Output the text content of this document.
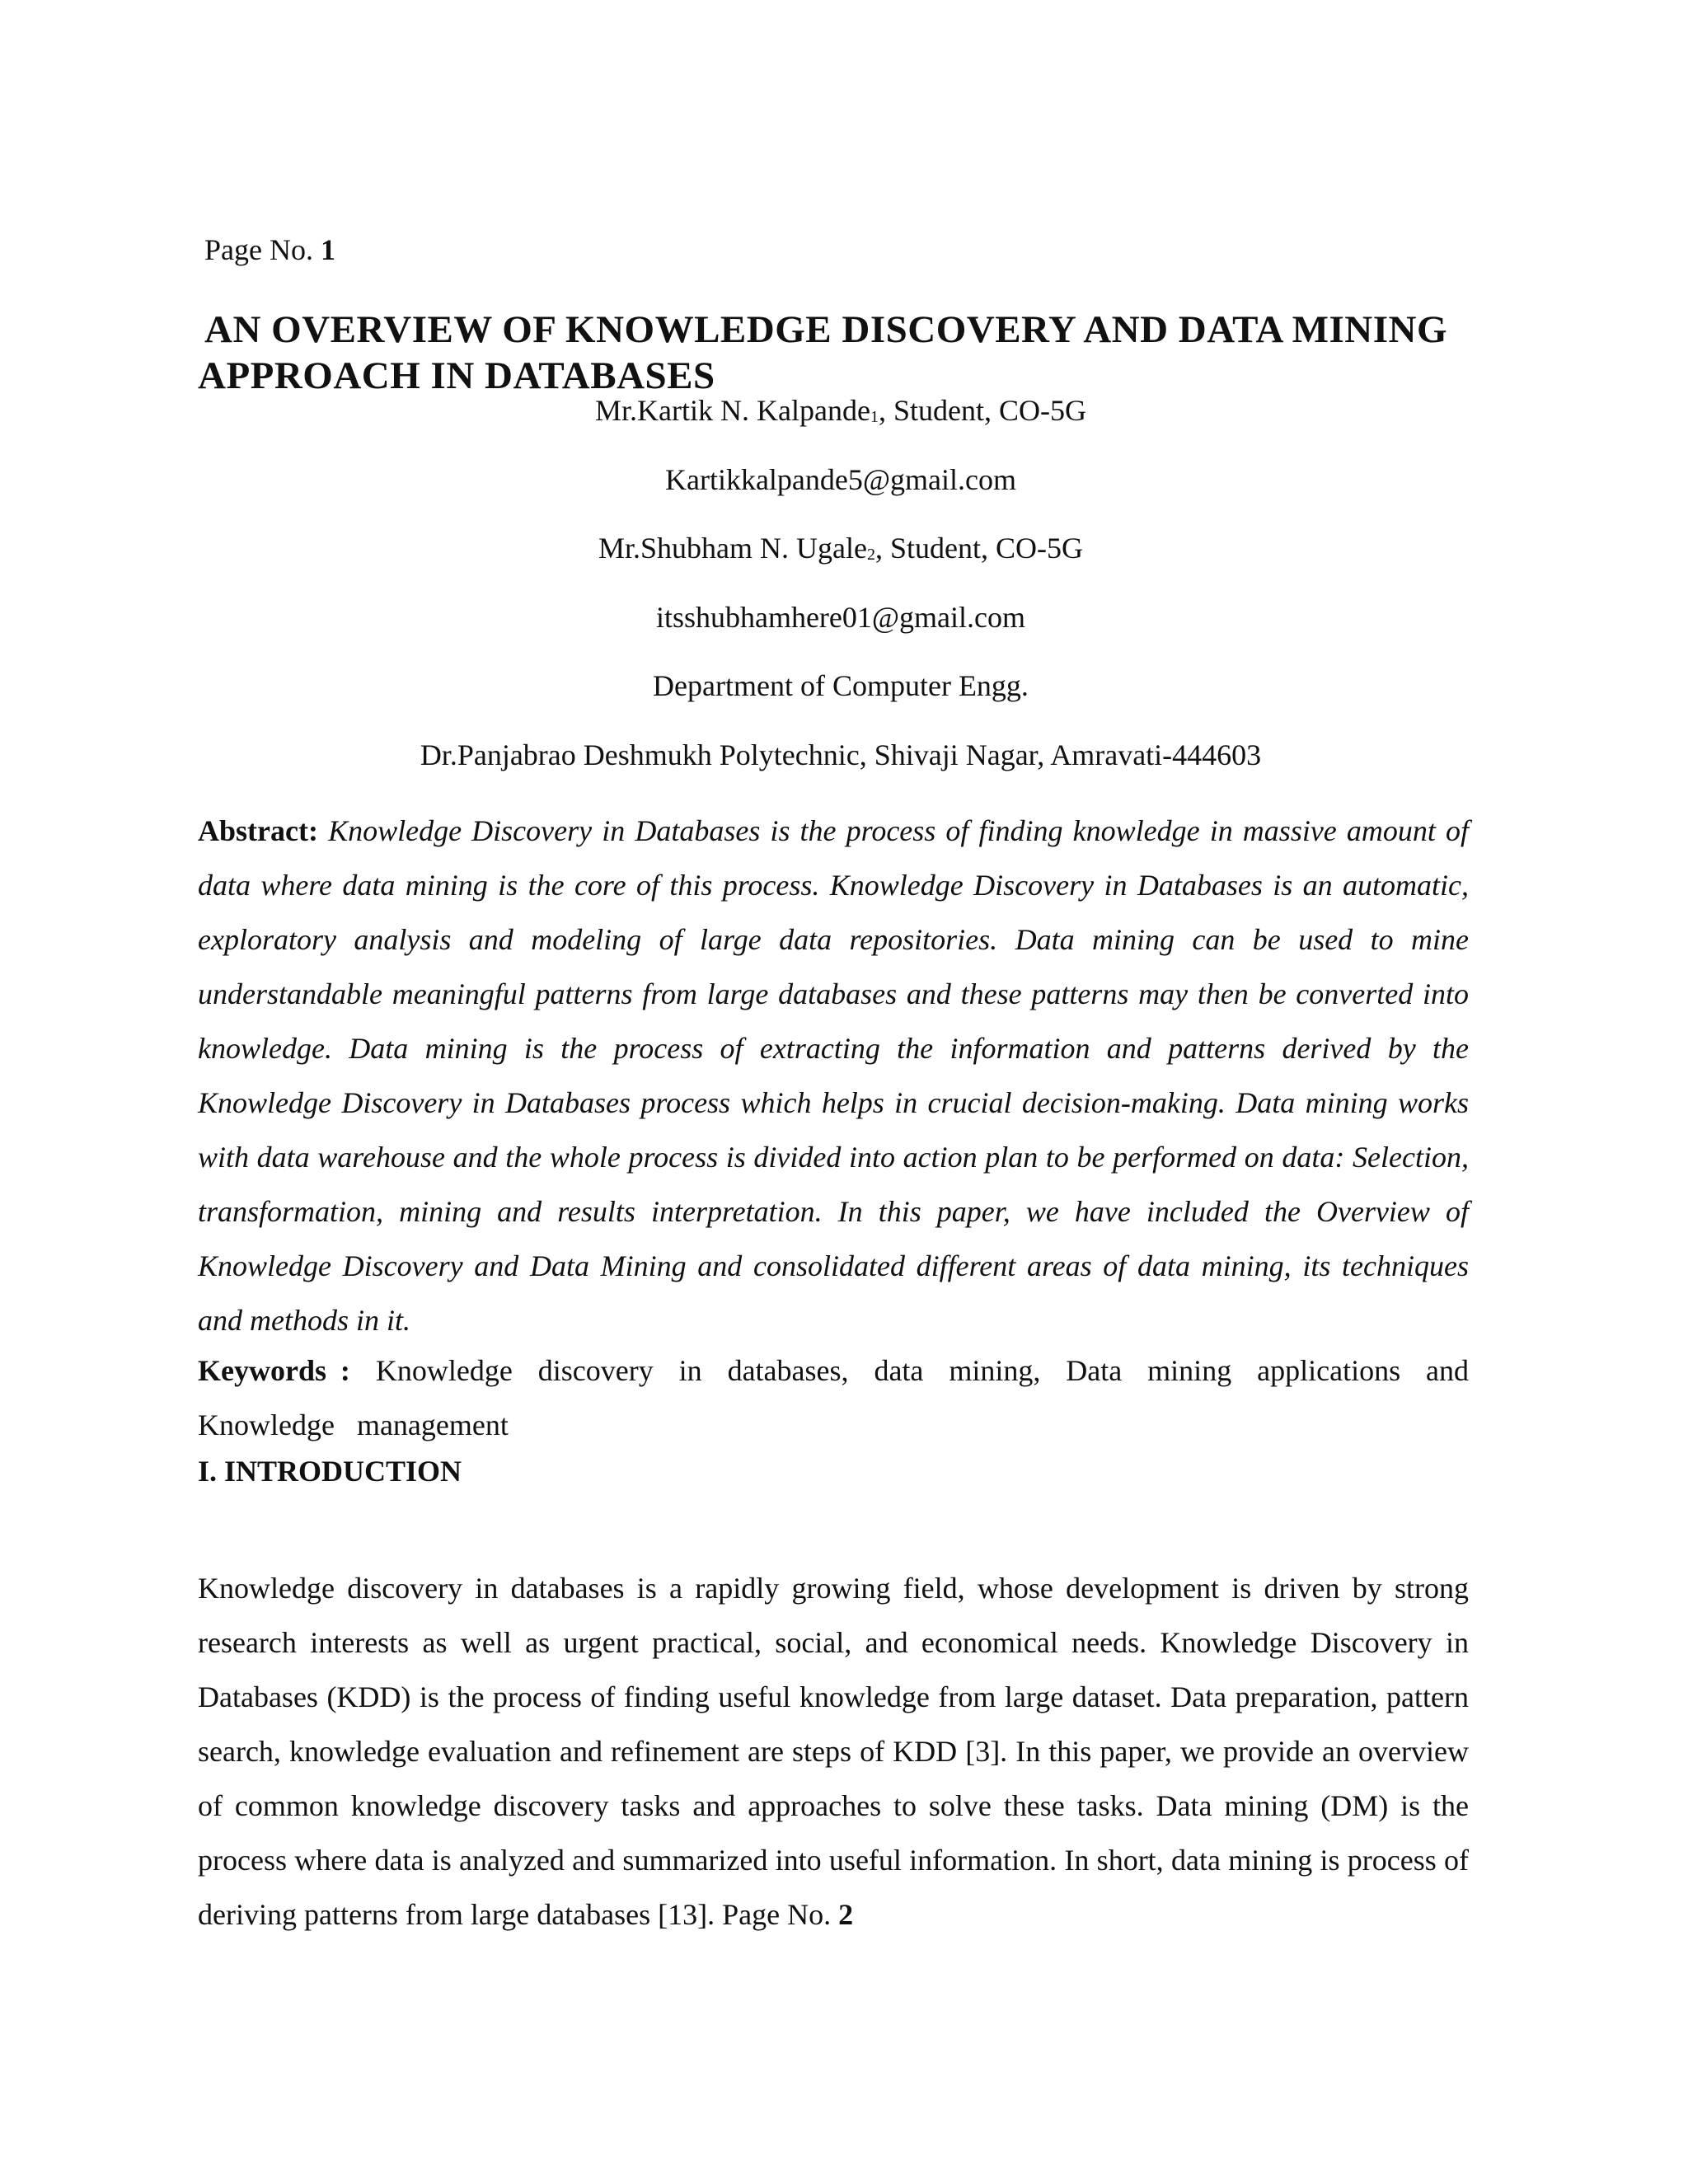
Page No. 1
AN OVERVIEW OF KNOWLEDGE DISCOVERY AND DATA MINING
APPROACH IN DATABASES
Mr.Kartik N. Kalpande$_1$, Student, CO-5G
Kartikkalpande5@gmail.com
Mr.Shubham N. Ugale$_2$, Student, CO-5G
itsshubhamhere01@gmail.com
Department of Computer Engg.
Dr.Panjabrao Deshmukh Polytechnic, Shivaji Nagar, Amravati-444603
Abstract: Knowledge Discovery in Databases is the process of finding knowledge in massive amount of data where data mining is the core of this process. Knowledge Discovery in Databases is an automatic, exploratory analysis and modeling of large data repositories. Data mining can be used to mine understandable meaningful patterns from large databases and these patterns may then be converted into knowledge. Data mining is the process of extracting the information and patterns derived by the Knowledge Discovery in Databases process which helps in crucial decision-making. Data mining works with data warehouse and the whole process is divided into action plan to be performed on data: Selection, transformation, mining and results interpretation. In this paper, we have included the Overview of Knowledge Discovery and Data Mining and consolidated different areas of data mining, its techniques and methods in it.
Keywords : Knowledge discovery in databases, data mining, Data mining applications and Knowledge management
I. INTRODUCTION
Knowledge discovery in databases is a rapidly growing field, whose development is driven by strong research interests as well as urgent practical, social, and economical needs. Knowledge Discovery in Databases (KDD) is the process of finding useful knowledge from large dataset. Data preparation, pattern search, knowledge evaluation and refinement are steps of KDD [3]. In this paper, we provide an overview of common knowledge discovery tasks and approaches to solve these tasks. Data mining (DM) is the process where data is analyzed and summarized into useful information. In short, data mining is process of deriving patterns from large databases [13]. Page No. 2
